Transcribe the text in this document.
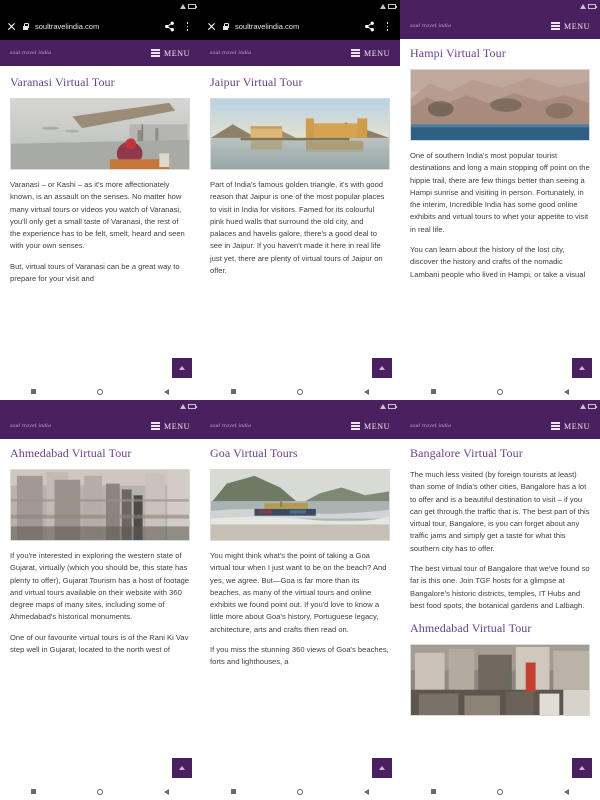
soultravelindia.com
soul travel india	MENU
Varanasi Virtual Tour

Varanasi – or Kashi – as it's more affectionately known, is an assault on the senses. No matter how many virtual tours or videos you watch of Varanasi, you'll only get a small taste of Varanasi, the rest of the experience has to be felt, smelt, heard and seen with your own senses.

But, virtual tours of Varanasi can be a great way to prepare for your visit and

soultravelindia.com
soul travel india	MENU
Jaipur Virtual Tour

Part of India's famous golden triangle, it's with good reason that Jaipur is one of the most popular places to visit in India for visitors. Famed for its colourful pink hued walls that surround the old city, and palaces and havelis galore, there's a good deal to see in Jaipur. If you haven't made it here in real life just yet, there are plenty of virtual tours of Jaipur on offer.

soul travel india	MENU
Hampi Virtual Tour

One of southern India's most popular tourist destinations and long a main stopping off point on the hippie trail, there are few things better than seeing a Hampi sunrise and visiting in person. Fortunately, in the interim, Incredible India has some good online exhibits and virtual tours to whet your appetite to visit in real life.

You can learn about the history of the lost city, discover the history and crafts of the nomadic Lambani people who lived in Hampi, or take a visual

soul travel india	MENU
Ahmedabad Virtual Tour

If you're interested in exploring the western state of Gujarat, virtually (which you should be, this state has plenty to offer), Gujarat Tourism has a host of footage and virtual tours available on their website with 360 degree maps of many sites, including some of Ahmedabad's historical monuments.

One of our favourite virtual tours is of the Rani Ki Vav step well in Gujarat, located to the north west of

soul travel india	MENU
Goa Virtual Tours

You might think what's the point of taking a Goa virtual tour when I just want to be on the beach? And yes, we agree. But—Goa is far more than its beaches, as many of the virtual tours and online exhibits we found point out. If you'd love to know a little more about Goa's history, Portuguese legacy, architecture, arts and crafts then read on.

If you miss the stunning 360 views of Goa's beaches, forts and lighthouses, a

soul travel india	MENU
Bangalore Virtual Tour

The much less visited (by foreign tourists at least) than some of India's other cities, Bangalore has a lot to offer and is a beautiful destination to visit – if you can get through the traffic that is. The best part of this virtual tour, Bangalore, is you can forget about any traffic jams and simply get a taste for what this southern city has to offer.

The best virtual tour of Bangalore that we've found so far is this one. Join TGF hosts for a glimpse at Bangalore's historic districts, temples, IT Hubs and best food spots, the botanical gardens and Lalbagh.

Ahmedabad Virtual Tour
